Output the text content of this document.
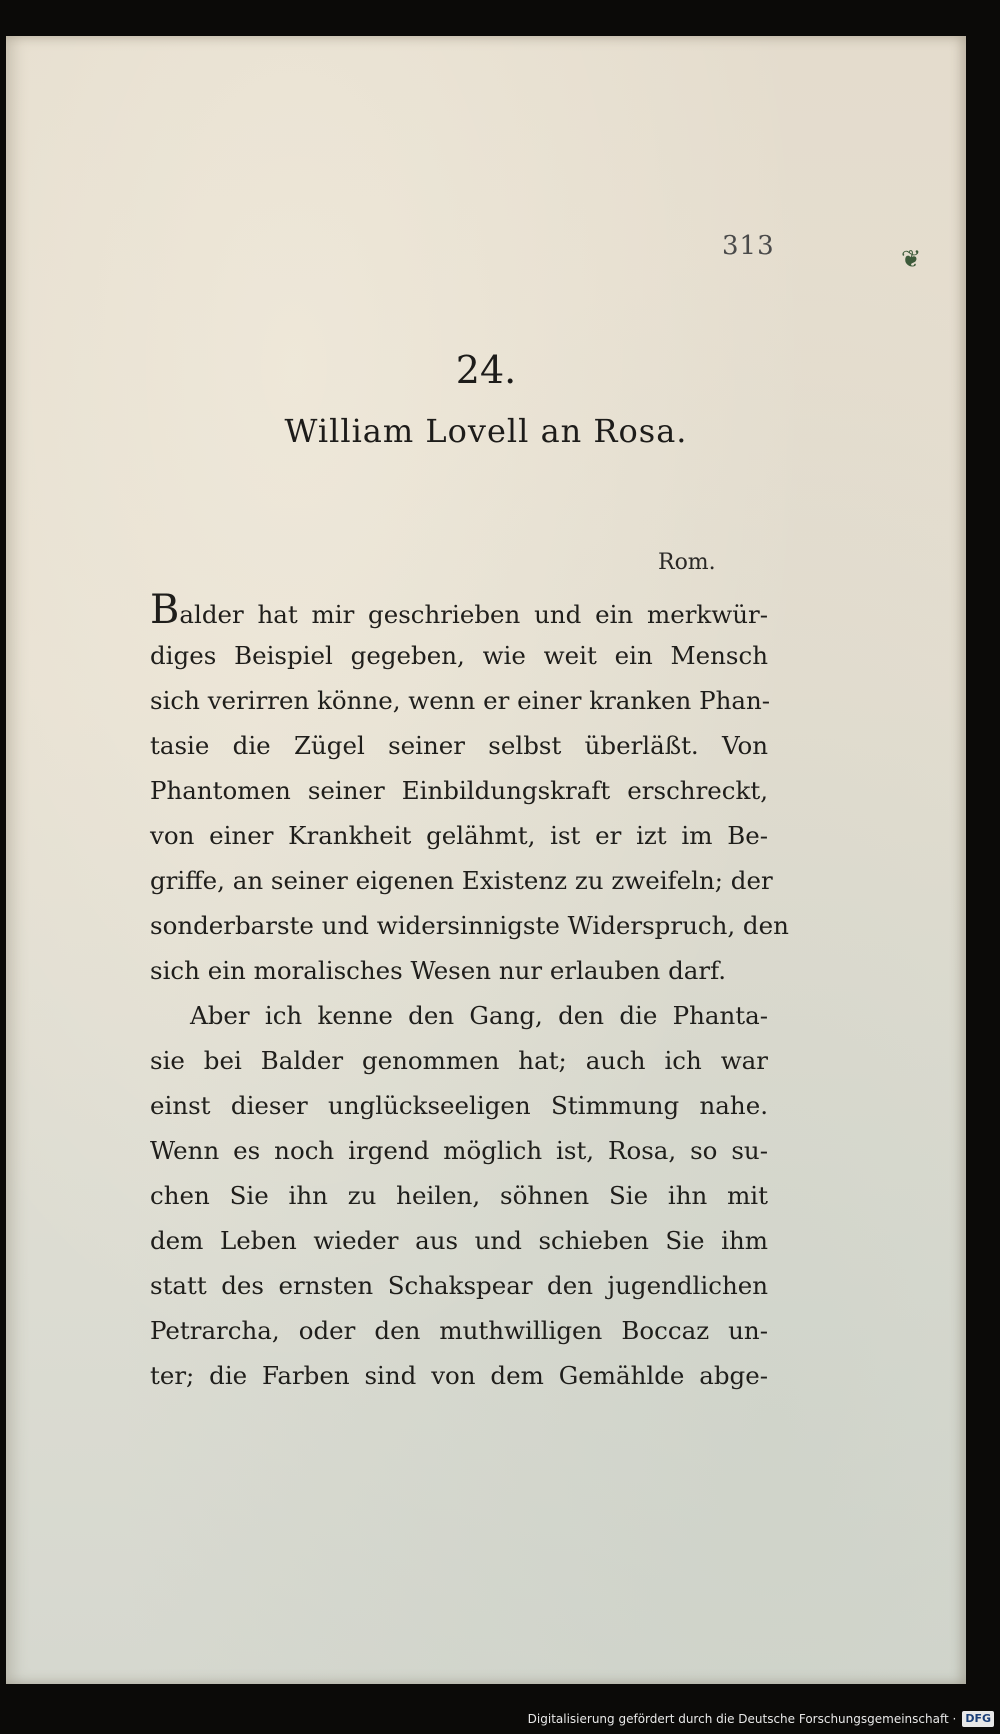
313	❦
24.
William Lovell an Rosa.
Rom.
Balder hat mir geschrieben und ein merkwür-
diges Beispiel gegeben, wie weit ein Mensch
sich verirren könne, wenn er einer kranken Phan-
tasie die Zügel seiner selbst überläßt. Von
Phantomen seiner Einbildungskraft erschreckt,
von einer Krankheit gelähmt, ist er izt im Be-
griffe, an seiner eigenen Existenz zu zweifeln; der
sonderbarste und widersinnigste Widerspruch, den
sich ein moralisches Wesen nur erlauben darf.
Aber ich kenne den Gang, den die Phanta-
sie bei Balder genommen hat; auch ich war
einst dieser unglückseeligen Stimmung nahe.
Wenn es noch irgend möglich ist, Rosa, so su-
chen Sie ihn zu heilen, söhnen Sie ihn mit
dem Leben wieder aus und schieben Sie ihm
statt des ernsten Schakspear den jugendlichen
Petrarcha, oder den muthwilligen Boccaz un-
ter; die Farben sind von dem Gemählde abge-
Digitalisierung gefördert durch die Deutsche Forschungsgemeinschaft · DFG
